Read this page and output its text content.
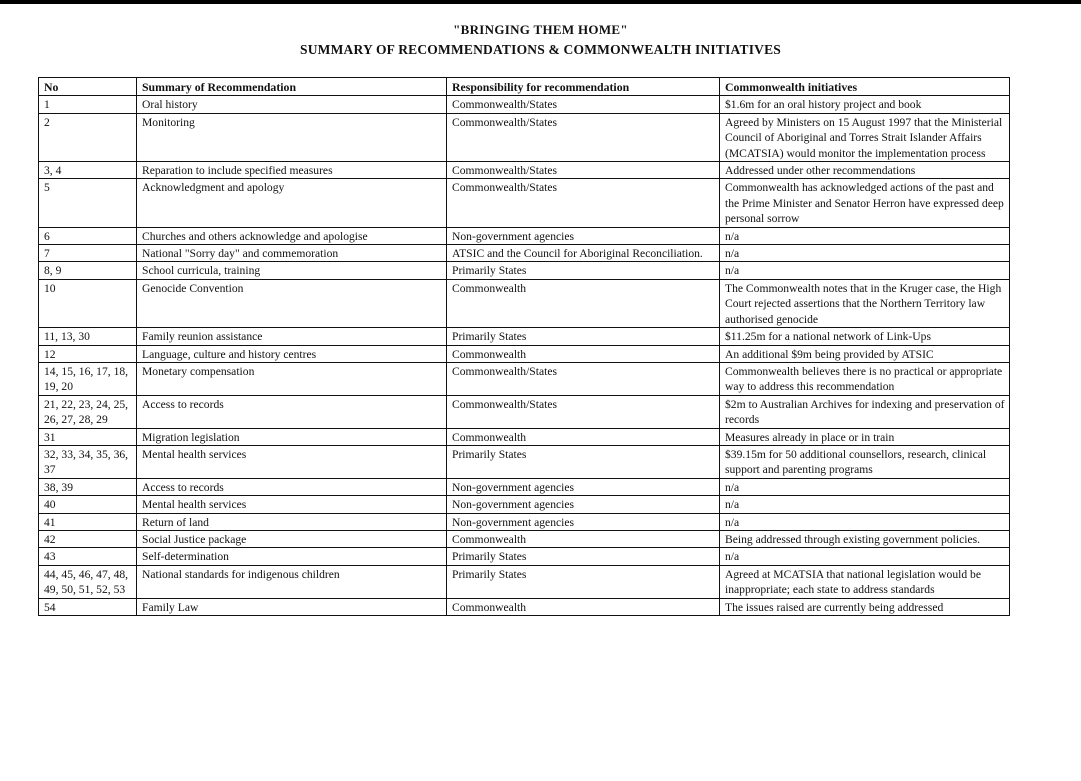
"BRINGING THEM HOME"
SUMMARY OF RECOMMENDATIONS & COMMONWEALTH INITIATIVES
No	Summary of Recommendation	Responsibility for recommendation	Commonwealth initiatives
1	Oral history	Commonwealth/States	$1.6m for an oral history project and book
2	Monitoring	Commonwealth/States	Agreed by Ministers on 15 August 1997 that the Ministerial Council of Aboriginal and Torres Strait Islander Affairs (MCATSIA) would monitor the implementation process
3, 4	Reparation to include specified measures	Commonwealth/States	Addressed under other recommendations
5	Acknowledgment and apology	Commonwealth/States	Commonwealth has acknowledged actions of the past and the Prime Minister and Senator Herron have expressed deep personal sorrow
6	Churches and others acknowledge and apologise	Non-government agencies	n/a
7	National "Sorry day" and commemoration	ATSIC and the Council for Aboriginal Reconciliation.	n/a
8, 9	School curricula, training	Primarily States	n/a
10	Genocide Convention	Commonwealth	The Commonwealth notes that in the Kruger case, the High Court rejected assertions that the Northern Territory law authorised genocide
11, 13, 30	Family reunion assistance	Primarily States	$11.25m for a national network of Link-Ups
12	Language, culture and history centres	Commonwealth	An additional $9m being provided by ATSIC
14, 15, 16, 17, 18, 19, 20	Monetary compensation	Commonwealth/States	Commonwealth believes there is no practical or appropriate way to address this recommendation
21, 22, 23, 24, 25, 26, 27, 28, 29	Access to records	Commonwealth/States	$2m to Australian Archives for indexing and preservation of records
31	Migration legislation	Commonwealth	Measures already in place or in train
32, 33, 34, 35, 36, 37	Mental health services	Primarily States	$39.15m for 50 additional counsellors, research, clinical support and parenting programs
38, 39	Access to records	Non-government agencies	n/a
40	Mental health services	Non-government agencies	n/a
41	Return of land	Non-government agencies	n/a
42	Social Justice package	Commonwealth	Being addressed through existing government policies.
43	Self-determination	Primarily States	n/a
44, 45, 46, 47, 48, 49, 50, 51, 52, 53	National standards for indigenous children	Primarily States	Agreed at MCATSIA that national legislation would be inappropriate; each state to address standards
54	Family Law	Commonwealth	The issues raised are currently being addressed
